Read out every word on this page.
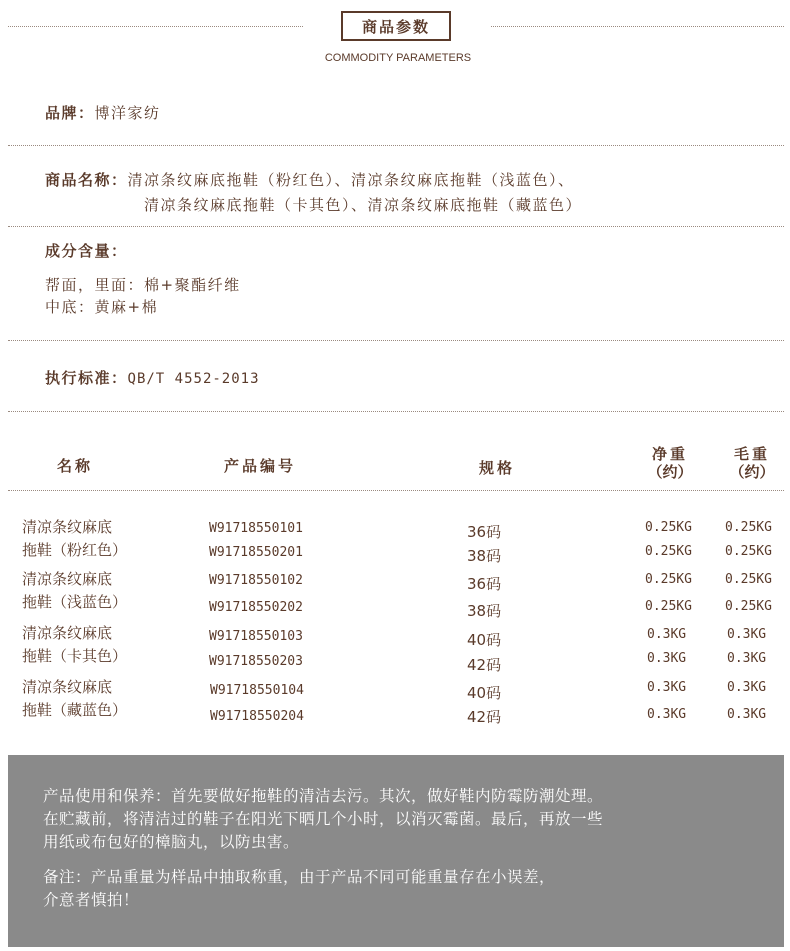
商品参数
COMMODITY PARAMETERS
品牌：博洋家纺
商品名称：清凉条纹麻底拖鞋（粉红色）、清凉条纹麻底拖鞋（浅蓝色）、
清凉条纹麻底拖鞋（卡其色）、清凉条纹麻底拖鞋（藏蓝色）
成分含量：
帮面，里面：棉+聚酯纤维
中底：黄麻+棉
执行标准：QB/T 4552-2013
名称	产品编号	规格
净重
（约）
毛重
（约）
清凉条纹麻底
拖鞋（粉红色）
W91718550101
W91718550201
36码
38码
0.25KG
0.25KG
0.25KG
0.25KG
清凉条纹麻底
拖鞋（浅蓝色）
W91718550102
W91718550202
36码
38码
0.25KG
0.25KG
0.25KG
0.25KG
清凉条纹麻底
拖鞋（卡其色）
W91718550103
W91718550203
40码
42码
0.3KG
0.3KG
0.3KG
0.3KG
清凉条纹麻底
拖鞋（藏蓝色）
W91718550104
W91718550204
40码
42码
0.3KG
0.3KG
0.3KG
0.3KG

产品使用和保养：首先要做好拖鞋的清洁去污。其次，做好鞋内防霉防潮处理。

在贮藏前，将清洁过的鞋子在阳光下晒几个小时，以消灭霉菌。最后，再放一些

用纸或布包好的樟脑丸，以防虫害。

备注：产品重量为样品中抽取称重，由于产品不同可能重量存在小误差，

介意者慎拍！
